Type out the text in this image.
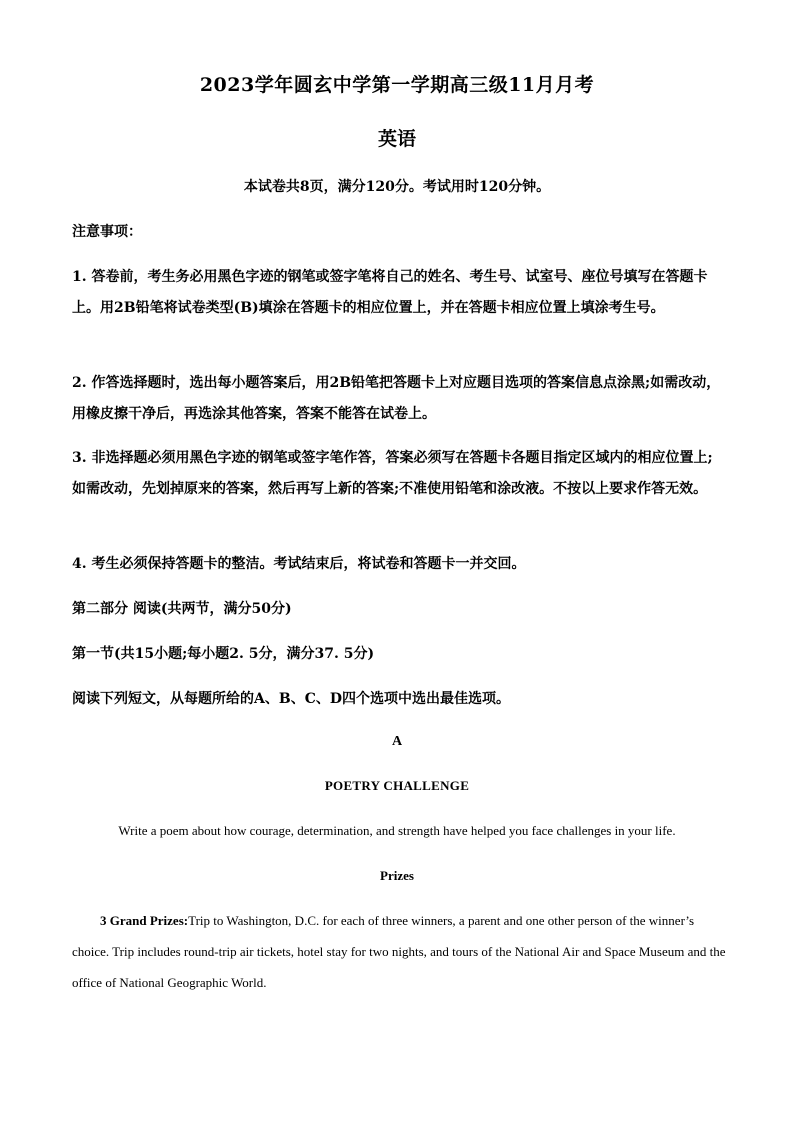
2023学年圆玄中学第一学期高三级11月月考
英语
本试卷共8页，满分120分。考试用时120分钟。
注意事项：
1. 答卷前，考生务必用黑色字迹的钢笔或签字笔将自己的姓名、考生号、试室号、座位号填写在答题卡上。用2B铅笔将试卷类型(B)填涂在答题卡的相应位置上，并在答题卡相应位置上填涂考生号。
2. 作答选择题时，选出每小题答案后，用2B铅笔把答题卡上对应题目选项的答案信息点涂黑;如需改动，用橡皮擦干净后，再选涂其他答案，答案不能答在试卷上。
3. 非选择题必须用黑色字迹的钢笔或签字笔作答，答案必须写在答题卡各题目指定区域内的相应位置上;如需改动，先划掉原来的答案，然后再写上新的答案;不准使用铅笔和涂改液。不按以上要求作答无效。
4. 考生必须保持答题卡的整洁。考试结束后，将试卷和答题卡一并交回。
第二部分 阅读(共两节，满分50分)
第一节(共15小题;每小题2. 5分，满分37. 5分)
阅读下列短文，从每题所给的A、B、C、D四个选项中选出最佳选项。
A
POETRY CHALLENGE
Write a poem about how courage, determination, and strength have helped you face challenges in your life.
Prizes
3 Grand Prizes:Trip to Washington, D.C. for each of three winners, a parent and one other person of the winner’s choice. Trip includes round-trip air tickets, hotel stay for two nights, and tours of the National Air and Space Museum and the office of National Geographic World.
